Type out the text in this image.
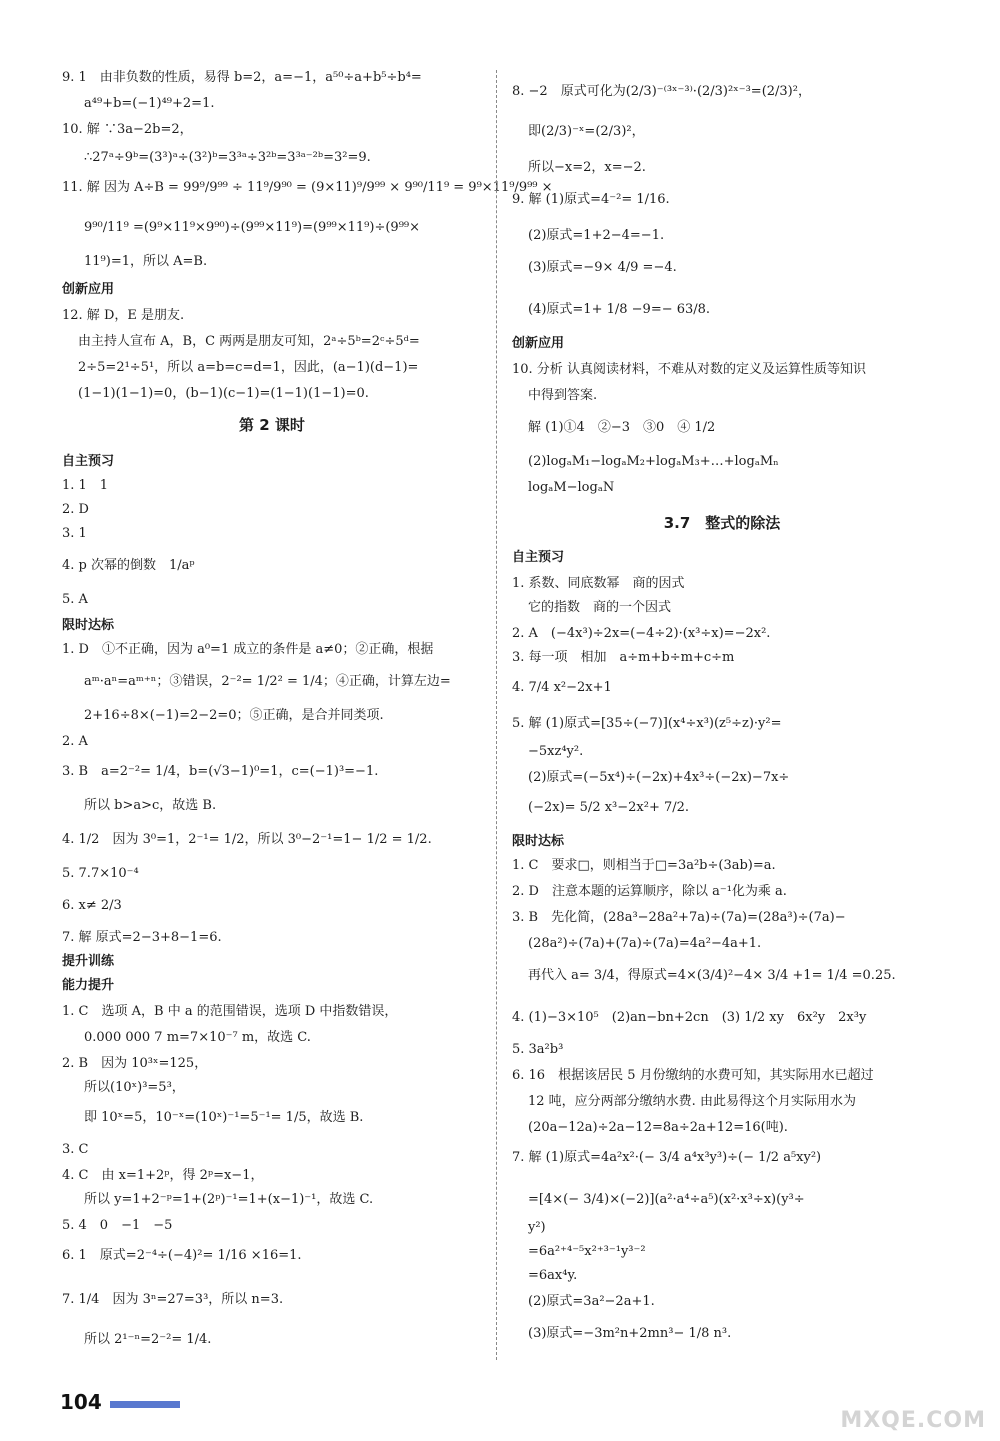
9. 1　由非负数的性质，易得 b=2，a=−1，a⁵⁰÷a+b⁵÷b⁴=
a⁴⁹+b=(−1)⁴⁹+2=1.
10. 解 ∵3a−2b=2，
∴27ᵃ÷9ᵇ=(3³)ᵃ÷(3²)ᵇ=3³ᵃ÷3²ᵇ=3³ᵃ⁻²ᵇ=3²=9.
11. 解 因为 A÷B = 99⁹/9⁹⁹ ÷ 11⁹/9⁹⁰ = (9×11)⁹/9⁹⁹ × 9⁹⁰/11⁹ = 9⁹×11⁹/9⁹⁹ ×
9⁹⁰/11⁹ =(9⁹×11⁹×9⁹⁰)÷(9⁹⁹×11⁹)=(9⁹⁹×11⁹)÷(9⁹⁹×
11⁹)=1，所以 A=B.
创新应用
12. 解 D，E 是朋友.
由主持人宣布 A，B，C 两两是朋友可知，2ᵃ÷5ᵇ=2ᶜ÷5ᵈ=
2÷5=2¹÷5¹，所以 a=b=c=d=1，因此，(a−1)(d−1)=
(1−1)(1−1)=0，(b−1)(c−1)=(1−1)(1−1)=0.
第 2 课时
自主预习
1. 1　1
2. D
3. 1
4. p 次幂的倒数　1/aᵖ
5. A
限时达标
1. D　①不正确，因为 a⁰=1 成立的条件是 a≠0；②正确，根据
aᵐ·aⁿ=aᵐ⁺ⁿ；③错误，2⁻²= 1/2² = 1/4；④正确，计算左边=
2+16÷8×(−1)=2−2=0；⑤正确，是合并同类项.
2. A
3. B　a=2⁻²= 1/4，b=(√3−1)⁰=1，c=(−1)³=−1.
所以 b>a>c，故选 B.
4. 1/2　因为 3⁰=1，2⁻¹= 1/2，所以 3⁰−2⁻¹=1− 1/2 = 1/2.
5. 7.7×10⁻⁴
6. x≠ 2/3
7. 解 原式=2−3+8−1=6.
提升训练
能力提升
1. C　选项 A，B 中 a 的范围错误，选项 D 中指数错误，
0.000 000 7 m=7×10⁻⁷ m，故选 C.
2. B　因为 10³ˣ=125，
所以(10ˣ)³=5³，
即 10ˣ=5，10⁻ˣ=(10ˣ)⁻¹=5⁻¹= 1/5，故选 B.
3. C
4. C　由 x=1+2ᵖ，得 2ᵖ=x−1，
所以 y=1+2⁻ᵖ=1+(2ᵖ)⁻¹=1+(x−1)⁻¹，故选 C.
5. 4　0　−1　−5
6. 1　原式=2⁻⁴÷(−4)²= 1/16 ×16=1.
7. 1/4　因为 3ⁿ=27=3³，所以 n=3.
所以 2¹⁻ⁿ=2⁻²= 1/4.
8. −2　原式可化为(2/3)⁻⁽³ˣ⁻³⁾·(2/3)²ˣ⁻³=(2/3)²，
即(2/3)⁻ˣ=(2/3)²，
所以−x=2，x=−2.
9. 解 (1)原式=4⁻²= 1/16.
(2)原式=1+2−4=−1.
(3)原式=−9× 4/9 =−4.
(4)原式=1+ 1/8 −9=− 63/8.
创新应用
10. 分析 认真阅读材料，不难从对数的定义及运算性质等知识
中得到答案.
解 (1)①4　②−3　③0　④ 1/2
(2)logₐM₁−logₐM₂+logₐM₃+…+logₐMₙ
logₐM−logₐN
3.7　整式的除法
自主预习
1. 系数、同底数幂　商的因式
它的指数　商的一个因式
2. A　(−4x³)÷2x=(−4÷2)·(x³÷x)=−2x².
3. 每一项　相加　a÷m+b÷m+c÷m
4. 7/4 x²−2x+1
5. 解 (1)原式=[35÷(−7)](x⁴÷x³)(z⁵÷z)·y²=
−5xz⁴y².
(2)原式=(−5x⁴)÷(−2x)+4x³÷(−2x)−7x÷
(−2x)= 5/2 x³−2x²+ 7/2.
限时达标
1. C　要求□，则相当于□=3a²b÷(3ab)=a.
2. D　注意本题的运算顺序，除以 a⁻¹化为乘 a.
3. B　先化简，(28a³−28a²+7a)÷(7a)=(28a³)÷(7a)−
(28a²)÷(7a)+(7a)÷(7a)=4a²−4a+1.
再代入 a= 3/4，得原式=4×(3/4)²−4× 3/4 +1= 1/4 =0.25.
4. (1)−3×10⁵　(2)an−bn+2cn　(3) 1/2 xy　6x²y　2x³y
5. 3a²b³
6. 16　根据该居民 5 月份缴纳的水费可知，其实际用水已超过
12 吨，应分两部分缴纳水费. 由此易得这个月实际用水为
(20a−12a)÷2a−12=8a÷2a+12=16(吨).
7. 解 (1)原式=4a²x²·(− 3/4 a⁴x³y³)÷(− 1/2 a⁵xy²)
=[4×(− 3/4)×(−2)](a²·a⁴÷a⁵)(x²·x³÷x)(y³÷
y²)
=6a²⁺⁴⁻⁵x²⁺³⁻¹y³⁻²
=6ax⁴y.
(2)原式=3a²−2a+1.
(3)原式=−3m²n+2mn³− 1/8 n³.
104
MXQE.COM
